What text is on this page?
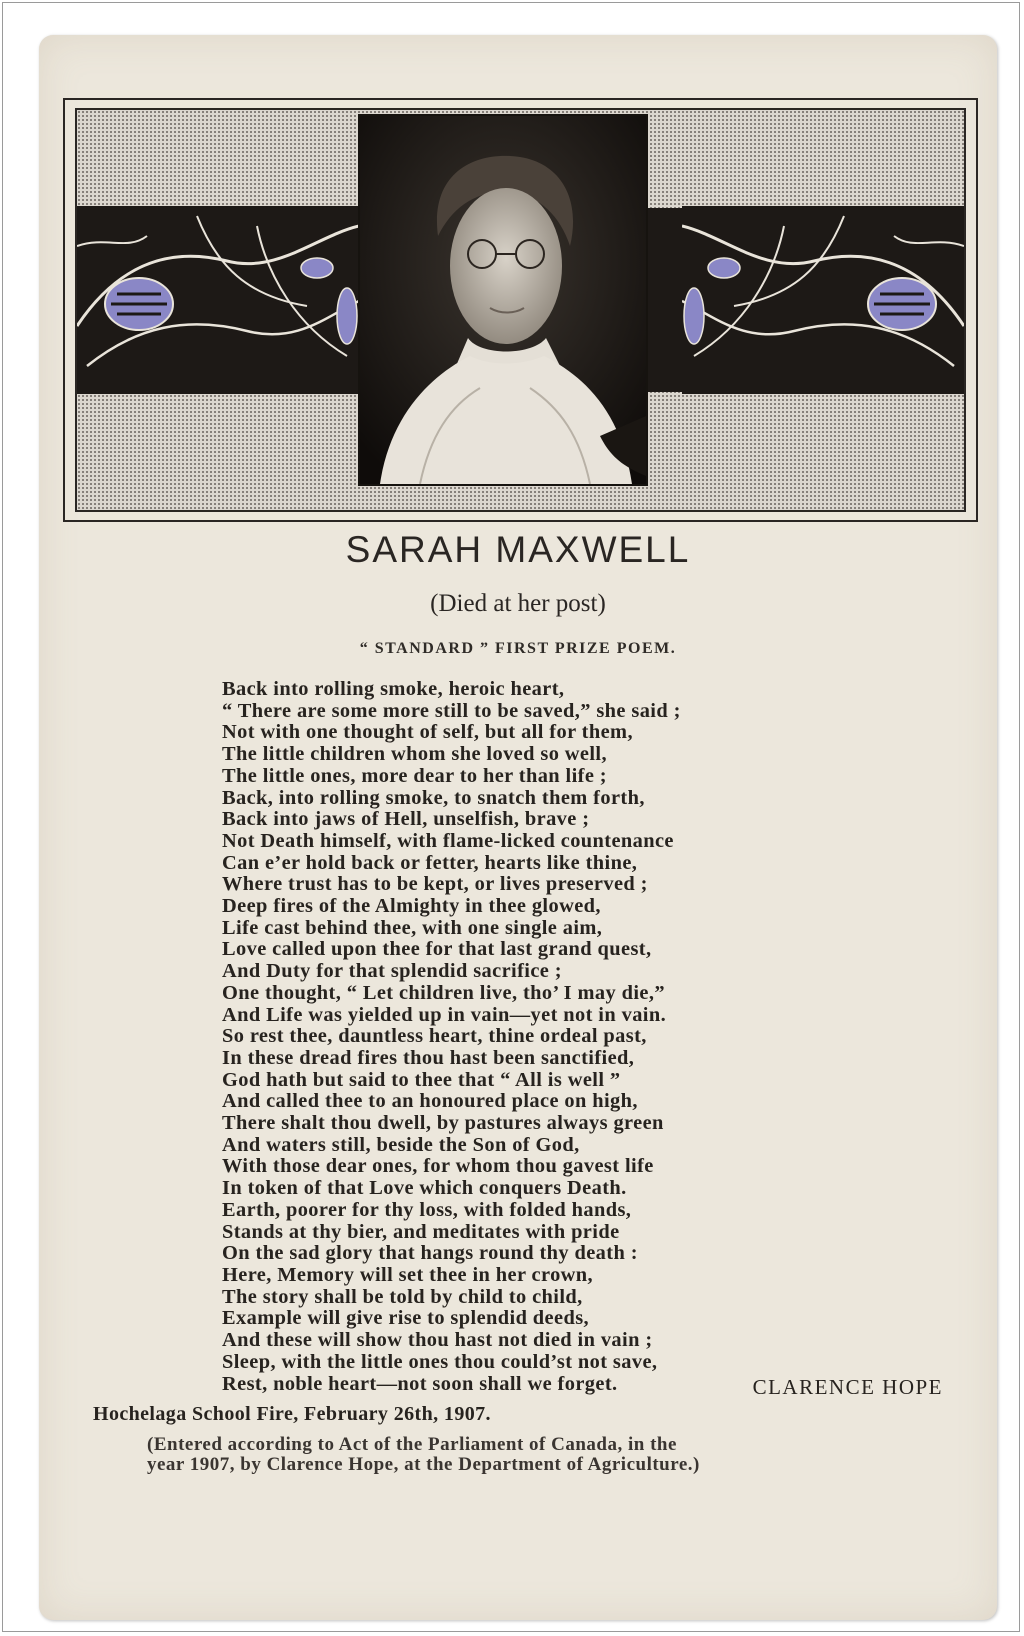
SARAH MAXWELL
(Died at her post)
“ STANDARD ” FIRST PRIZE POEM.
Back into rolling smoke, heroic heart,
“ There are some more still to be saved,” she said ;
Not with one thought of self, but all for them,
The little children whom she loved so well,
The little ones, more dear to her than life ;
Back, into rolling smoke, to snatch them forth,
Back into jaws of Hell, unselfish, brave ;
Not Death himself, with flame-licked countenance
Can e’er hold back or fetter, hearts like thine,
Where trust has to be kept, or lives preserved ;
Deep fires of the Almighty in thee glowed,
Life cast behind thee, with one single aim,
Love called upon thee for that last grand quest,
And Duty for that splendid sacrifice ;
One thought, “ Let children live, tho’ I may die,”
And Life was yielded up in vain—yet not in vain.
So rest thee, dauntless heart, thine ordeal past,
In these dread fires thou hast been sanctified,
God hath but said to thee that “ All is well ”
And called thee to an honoured place on high,
There shalt thou dwell, by pastures always green
And waters still, beside the Son of God,
With those dear ones, for whom thou gavest life
In token of that Love which conquers Death.
Earth, poorer for thy loss, with folded hands,
Stands at thy bier, and meditates with pride
On the sad glory that hangs round thy death :
Here, Memory will set thee in her crown,
The story shall be told by child to child,
Example will give rise to splendid deeds,
And these will show thou hast not died in vain ;
Sleep, with the little ones thou could’st not save,
Rest, noble heart—not soon shall we forget.	CLARENCE HOPE
Hochelaga School Fire, February 26th, 1907.
(Entered according to Act of the Parliament of Canada, in the
year 1907, by Clarence Hope, at the Department of Agriculture.)
